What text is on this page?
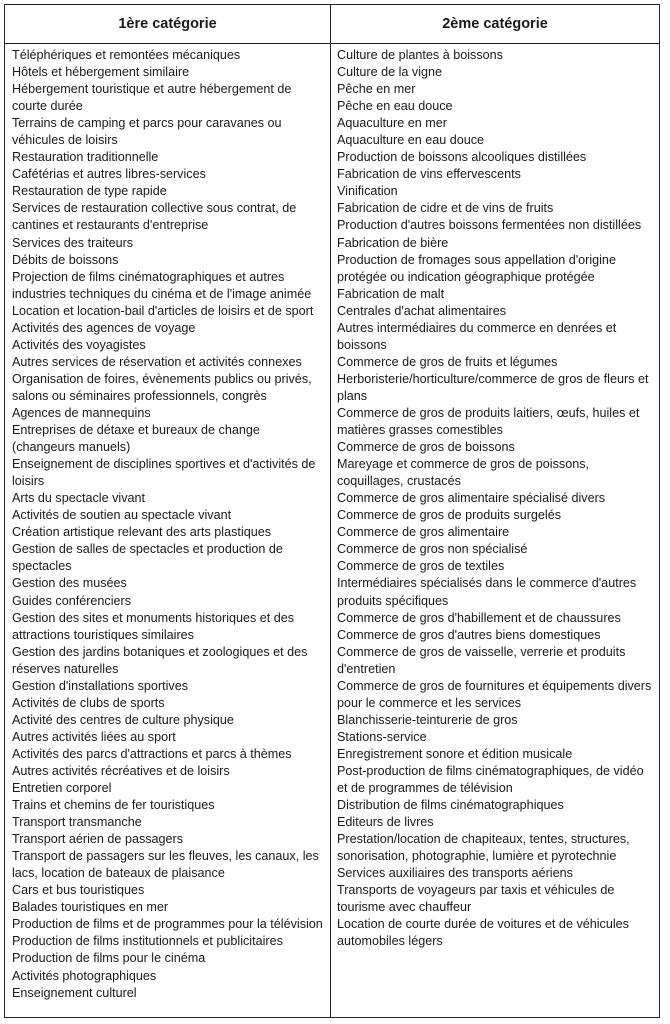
1ère catégorie	2ème catégorie
Téléphériques et remontées mécaniques
Hôtels et hébergement similaire
Hébergement touristique et autre hébergement de courte durée
Terrains de camping et parcs pour caravanes ou véhicules de loisirs
Restauration traditionnelle
Cafétérias et autres libres-services
Restauration de type rapide
Services de restauration collective sous contrat, de cantines et restaurants d'entreprise
Services des traiteurs
Débits de boissons
Projection de films cinématographiques et autres industries techniques du cinéma et de l'image animée
Location et location-bail d'articles de loisirs et de sport
Activités des agences de voyage
Activités des voyagistes
Autres services de réservation et activités connexes
Organisation de foires, évènements publics ou privés, salons ou séminaires professionnels, congrès
Agences de mannequins
Entreprises de détaxe et bureaux de change (changeurs manuels)
Enseignement de disciplines sportives et d'activités de loisirs
Arts du spectacle vivant
Activités de soutien au spectacle vivant
Création artistique relevant des arts plastiques
Gestion de salles de spectacles et production de spectacles
Gestion des musées
Guides conférenciers
Gestion des sites et monuments historiques et des attractions touristiques similaires
Gestion des jardins botaniques et zoologiques et des réserves naturelles
Gestion d'installations sportives
Activités de clubs de sports
Activité des centres de culture physique
Autres activités liées au sport
Activités des parcs d'attractions et parcs à thèmes
Autres activités récréatives et de loisirs
Entretien corporel
Trains et chemins de fer touristiques
Transport transmanche
Transport aérien de passagers
Transport de passagers sur les fleuves, les canaux, les lacs, location de bateaux de plaisance
Cars et bus touristiques
Balades touristiques en mer
Production de films et de programmes pour la télévision
Production de films institutionnels et publicitaires
Production de films pour le cinéma
Activités photographiques
Enseignement culturel
Culture de plantes à boissons
Culture de la vigne
Pêche en mer
Pêche en eau douce
Aquaculture en mer
Aquaculture en eau douce
Production de boissons alcooliques distillées
Fabrication de vins effervescents
Vinification
Fabrication de cidre et de vins de fruits
Production d'autres boissons fermentées non distillées
Fabrication de bière
Production de fromages sous appellation d'origine protégée ou indication géographique protégée
Fabrication de malt
Centrales d'achat alimentaires
Autres intermédiaires du commerce en denrées et boissons
Commerce de gros de fruits et légumes
Herboristerie/horticulture/commerce de gros de fleurs et plans
Commerce de gros de produits laitiers, œufs, huiles et matières grasses comestibles
Commerce de gros de boissons
Mareyage et commerce de gros de poissons, coquillages, crustacés
Commerce de gros alimentaire spécialisé divers
Commerce de gros de produits surgelés
Commerce de gros alimentaire
Commerce de gros non spécialisé
Commerce de gros de textiles
Intermédiaires spécialisés dans le commerce d'autres produits spécifiques
Commerce de gros d'habillement et de chaussures
Commerce de gros d'autres biens domestiques
Commerce de gros de vaisselle, verrerie et produits d'entretien
Commerce de gros de fournitures et équipements divers pour le commerce et les services
Blanchisserie-teinturerie de gros
Stations-service
Enregistrement sonore et édition musicale
Post-production de films cinématographiques, de vidéo et de programmes de télévision
Distribution de films cinématographiques
Editeurs de livres
Prestation/location de chapiteaux, tentes, structures, sonorisation, photographie, lumière et pyrotechnie
Services auxiliaires des transports aériens
Transports de voyageurs par taxis et véhicules de tourisme avec chauffeur
Location de courte durée de voitures et de véhicules automobiles légers
